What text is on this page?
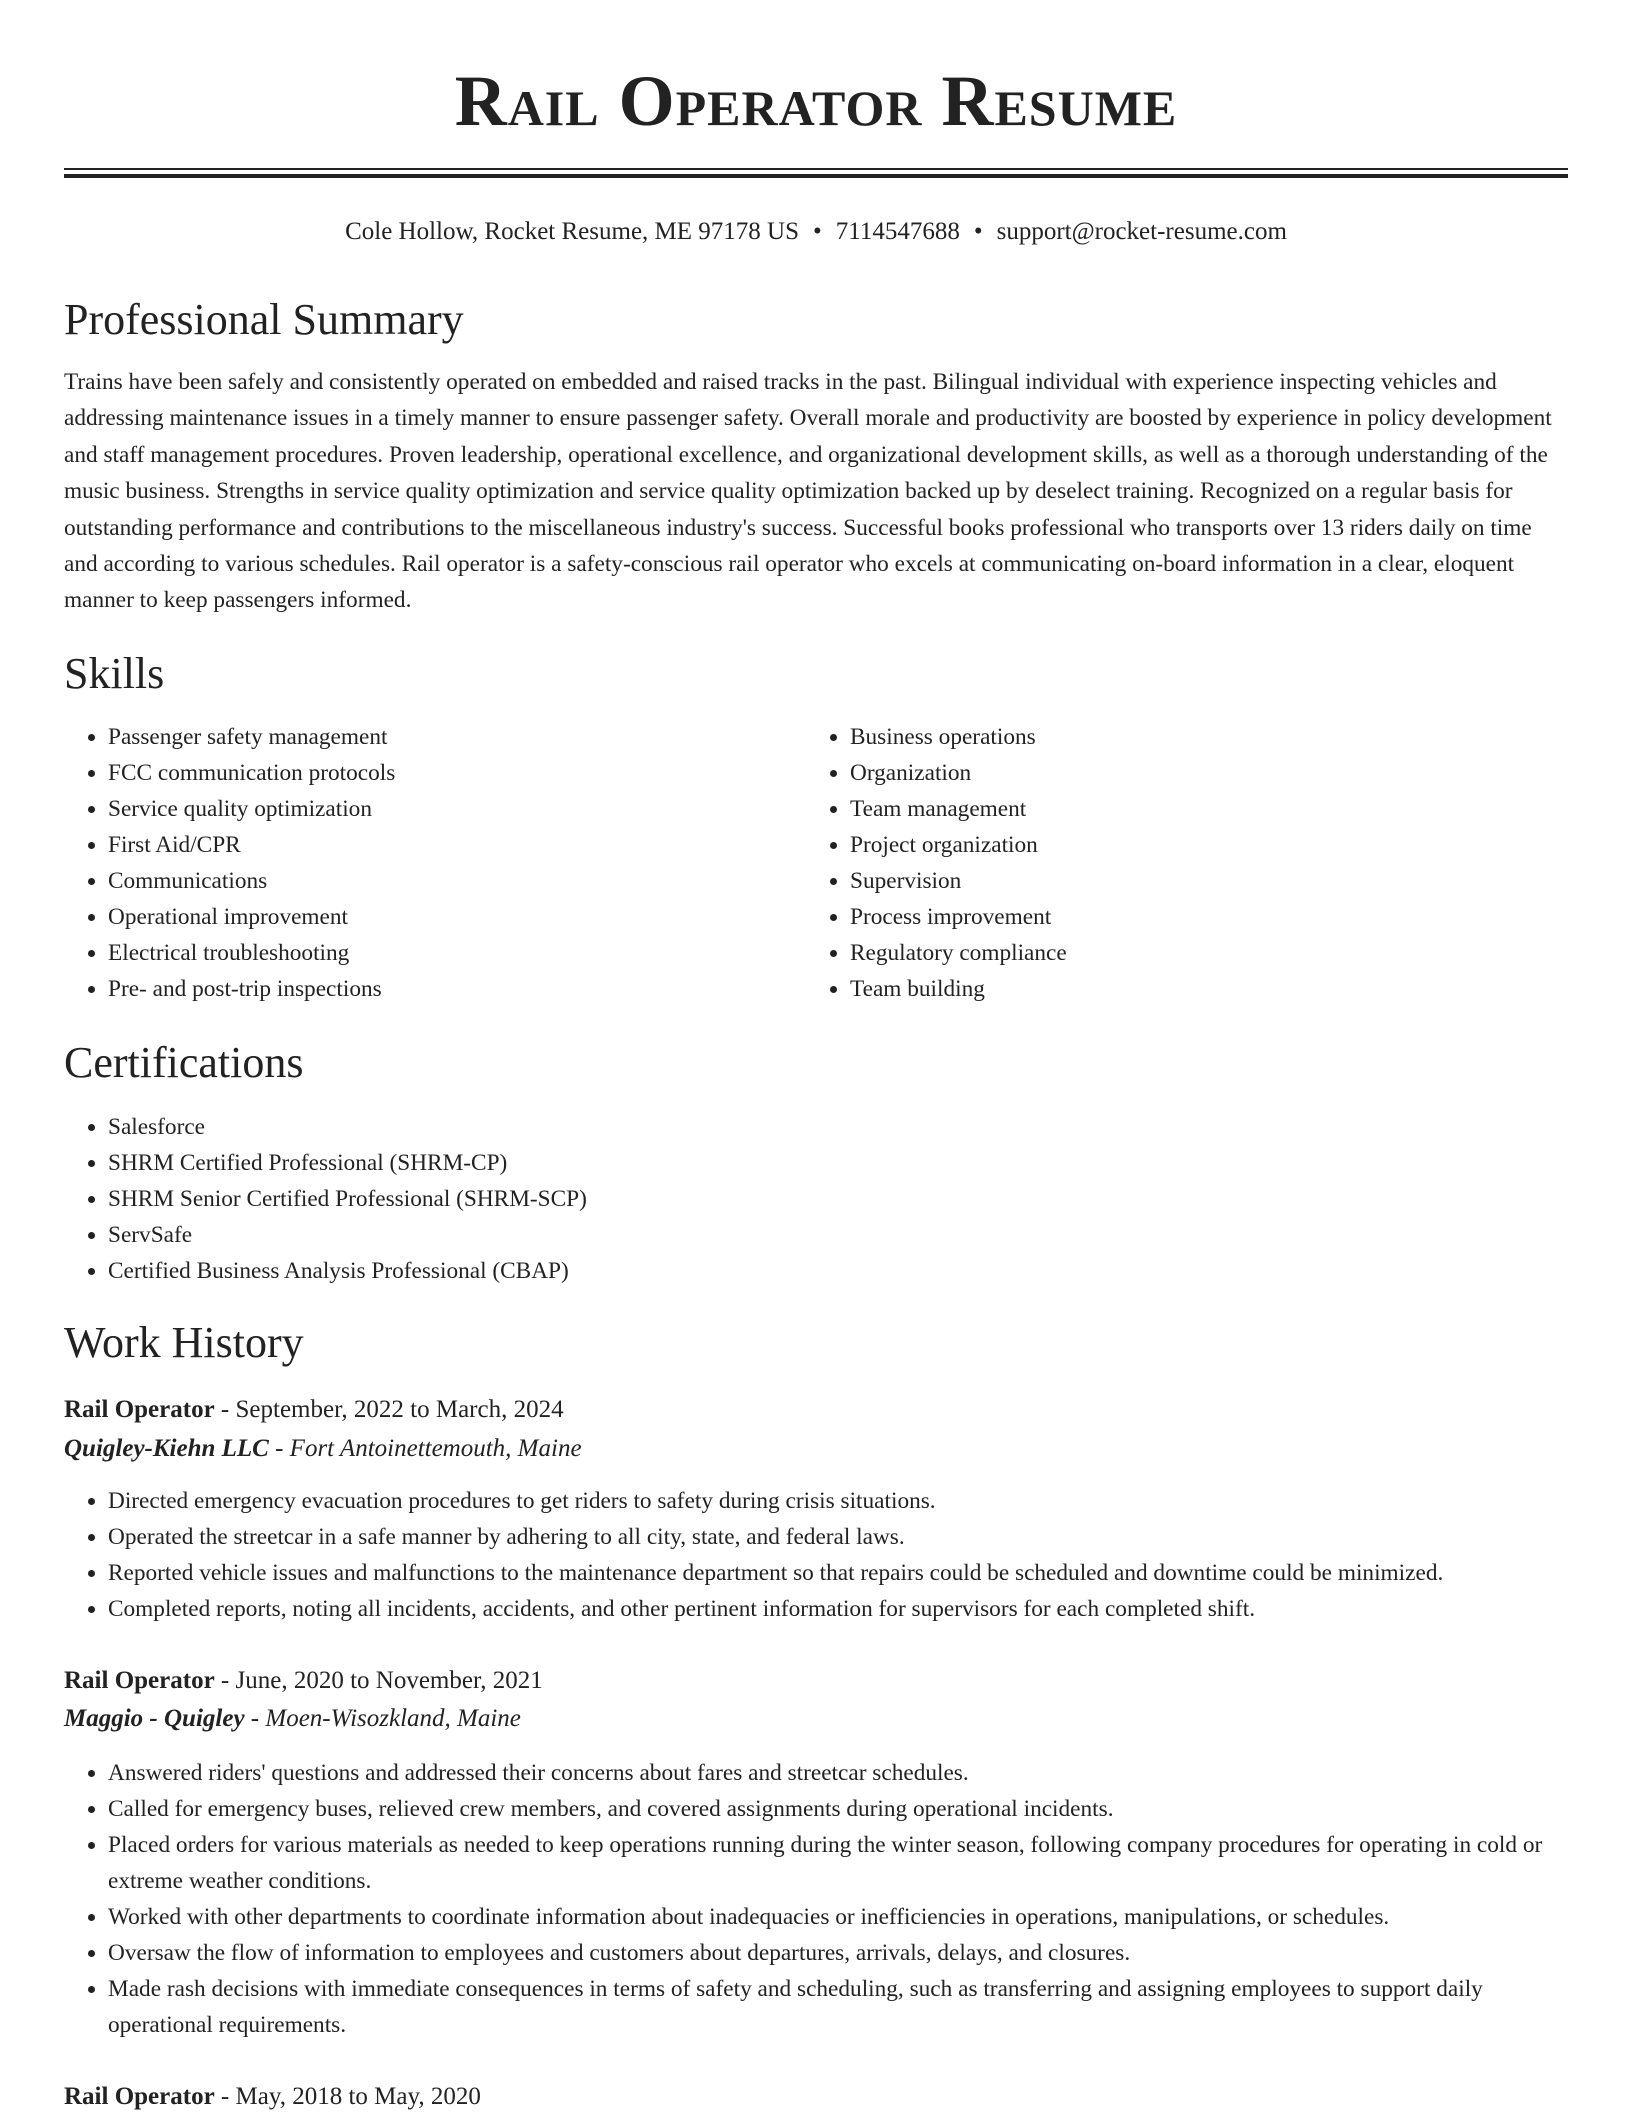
Rail Operator Resume
Cole Hollow, Rocket Resume, ME 97178 US • 7114547688 • support@rocket-resume.com
Professional Summary

Trains have been safely and consistently operated on embedded and raised tracks in the past. Bilingual individual with experience inspecting vehicles and addressing maintenance issues in a timely manner to ensure passenger safety. Overall morale and productivity are boosted by experience in policy development and staff management procedures. Proven leadership, operational excellence, and organizational development skills, as well as a thorough understanding of the music business. Strengths in service quality optimization and service quality optimization backed up by deselect training. Recognized on a regular basis for outstanding performance and contributions to the miscellaneous industry's success. Successful books professional who transports over 13 riders daily on time and according to various schedules. Rail operator is a safety-conscious rail operator who excels at communicating on-board information in a clear, eloquent manner to keep passengers informed.

Skills
• Passenger safety management
• FCC communication protocols
• Service quality optimization
• First Aid/CPR
• Communications
• Operational improvement
• Electrical troubleshooting
• Pre- and post-trip inspections
• Business operations
• Organization
• Team management
• Project organization
• Supervision
• Process improvement
• Regulatory compliance
• Team building
Certifications
• Salesforce
• SHRM Certified Professional (SHRM-CP)
• SHRM Senior Certified Professional (SHRM-SCP)
• ServSafe
• Certified Business Analysis Professional (CBAP)
Work History
Rail Operator - September, 2022 to March, 2024
Quigley-Kiehn LLC - Fort Antoinettemouth, Maine
• Directed emergency evacuation procedures to get riders to safety during crisis situations.
• Operated the streetcar in a safe manner by adhering to all city, state, and federal laws.
• Reported vehicle issues and malfunctions to the maintenance department so that repairs could be scheduled and downtime could be minimized.
• Completed reports, noting all incidents, accidents, and other pertinent information for supervisors for each completed shift.
Rail Operator - June, 2020 to November, 2021
Maggio - Quigley - Moen-Wisozkland, Maine
• Answered riders' questions and addressed their concerns about fares and streetcar schedules.
• Called for emergency buses, relieved crew members, and covered assignments during operational incidents.
• Placed orders for various materials as needed to keep operations running during the winter season, following company procedures for operating in cold or extreme weather conditions.
• Worked with other departments to coordinate information about inadequacies or inefficiencies in operations, manipulations, or schedules.
• Oversaw the flow of information to employees and customers about departures, arrivals, delays, and closures.
• Made rash decisions with immediate consequences in terms of safety and scheduling, such as transferring and assigning employees to support daily operational requirements.
Rail Operator - May, 2018 to May, 2020
